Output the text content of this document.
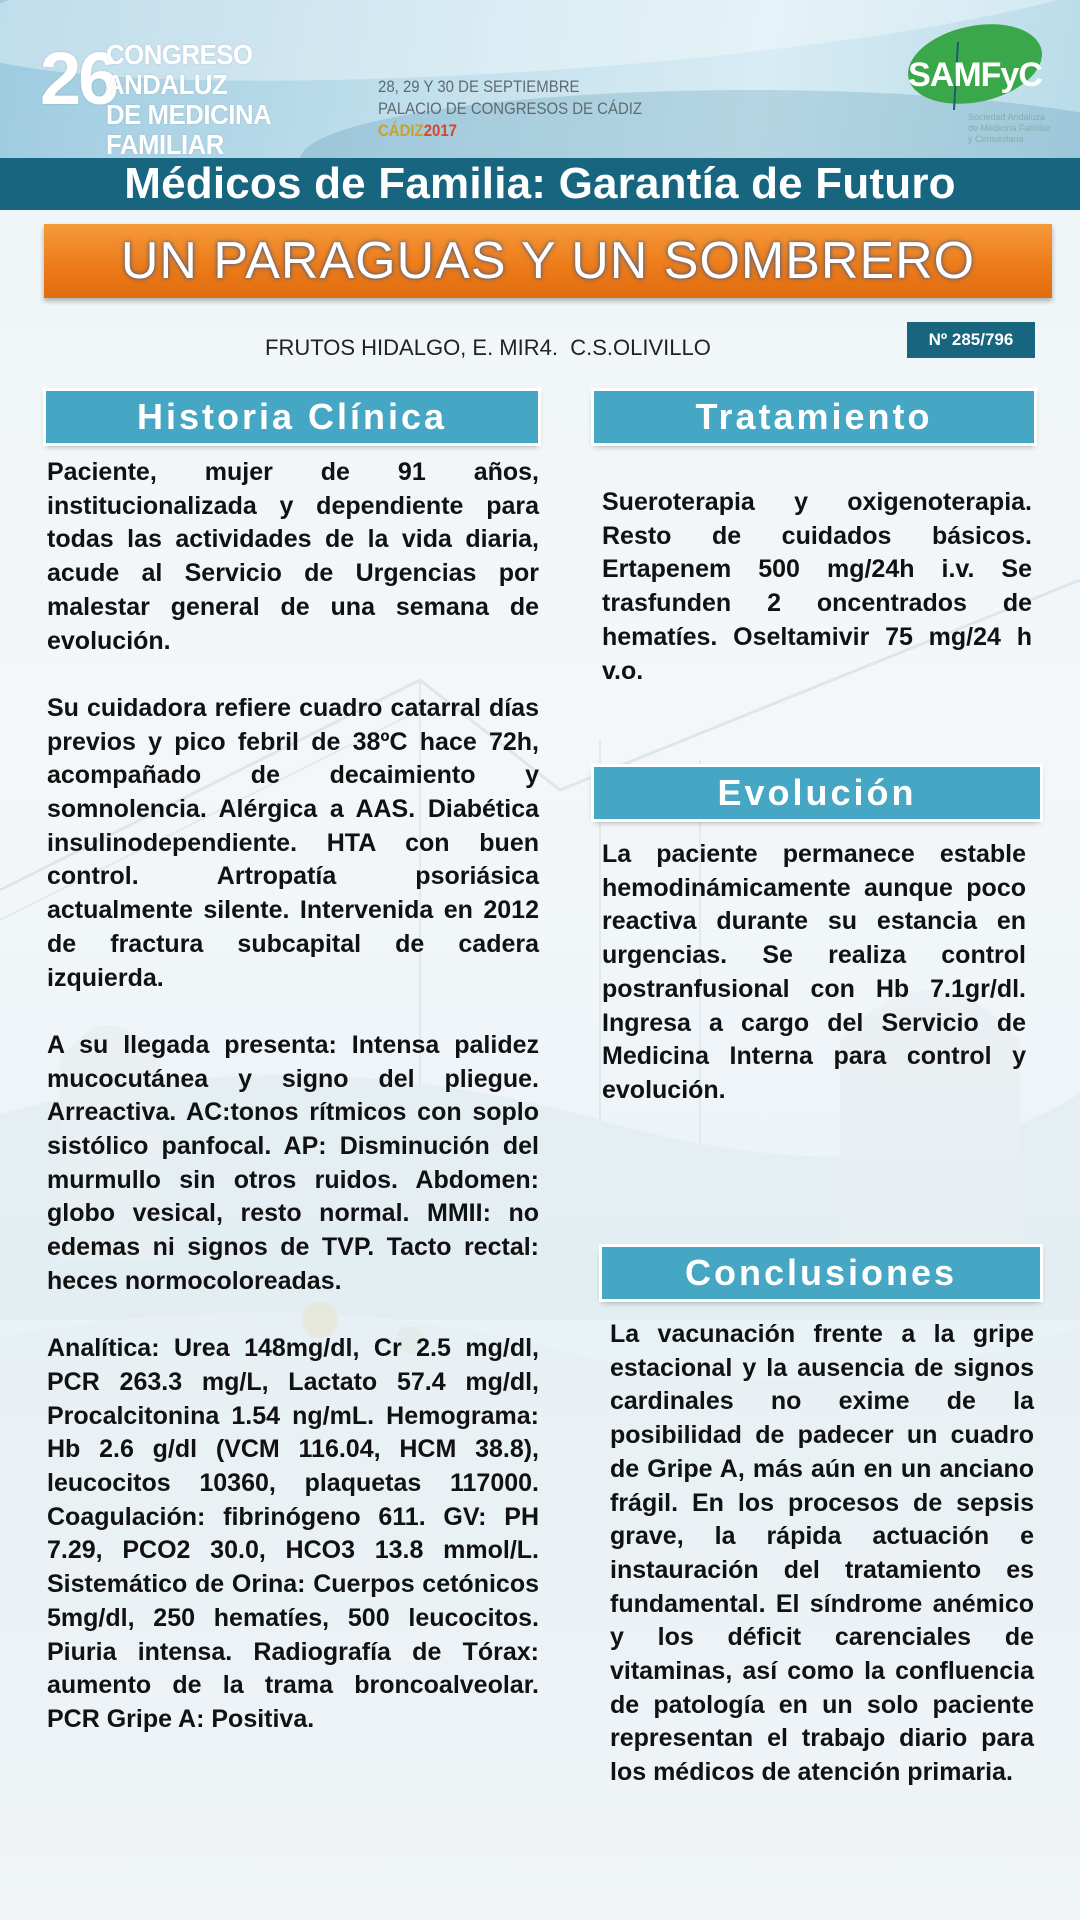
26
CONGRESO ANDALUZ
DE MEDICINA FAMILIAR
28, 29 Y 30 DE SEPTIEMBRE
PALACIO DE CONGRESOS DE CÁDIZ
CÁDIZ2017
SAMFyC
Sociedad Andaluza
de Medicina Familiar
y Comunitaria
Médicos de Familia: Garantía de Futuro
UN PARAGUAS Y UN SOMBRERO
FRUTOS HIDALGO, E. MIR4.  C.S.OLIVILLO	Nº 285/796
Historia Clínica

Paciente, mujer de 91 años, institucionalizada y dependiente para todas las actividades de la vida diaria, acude al Servicio de Urgencias por malestar general de una semana de evolución.

Su cuidadora refiere cuadro catarral días previos y pico febril de 38ºC hace 72h, acompañado de decaimiento y somnolencia. Alérgica a AAS. Diabética insulinodependiente. HTA con buen control. Artropatía psoriásica actualmente silente. Intervenida en 2012 de fractura subcapital de cadera izquierda.

A su llegada presenta: Intensa palidez mucocutánea y signo del pliegue. Arreactiva. AC:tonos rítmicos con soplo sistólico panfocal. AP: Disminución del murmullo sin otros ruidos. Abdomen: globo vesical, resto normal. MMII: no edemas ni signos de TVP. Tacto rectal: heces normocoloreadas.

Analítica: Urea 148mg/dl, Cr 2.5 mg/dl, PCR 263.3 mg/L, Lactato 57.4 mg/dl, Procalcitonina 1.54 ng/mL. Hemograma: Hb 2.6 g/dl (VCM 116.04, HCM 38.8), leucocitos 10360, plaquetas 117000. Coagulación: fibrinógeno 611. GV: PH 7.29, PCO2 30.0, HCO3 13.8 mmol/L. Sistemático de Orina: Cuerpos cetónicos 5mg/dl, 250 hematíes, 500 leucocitos. Piuria intensa. Radiografía de Tórax: aumento de la trama broncoalveolar. PCR Gripe A: Positiva.

Tratamiento

Sueroterapia y oxigenoterapia. Resto de cuidados básicos. Ertapenem 500 mg/24h i.v. Se trasfunden 2 oncentrados de hematíes. Oseltamivir 75 mg/24 h v.o.

Evolución

La paciente permanece estable hemodinámicamente aunque poco reactiva durante su estancia en urgencias. Se realiza control postranfusional con Hb 7.1gr/dl. Ingresa a cargo del Servicio de Medicina Interna para control y evolución.

Conclusiones

La vacunación frente a la gripe estacional y la ausencia de signos cardinales no exime de la posibilidad de padecer un cuadro de Gripe A, más aún en un anciano frágil. En los procesos de sepsis grave, la rápida actuación e instauración del tratamiento es fundamental. El síndrome anémico y los déficit carenciales de vitaminas, así como la confluencia de patología en un solo paciente representan el trabajo diario para los médicos de atención primaria.
